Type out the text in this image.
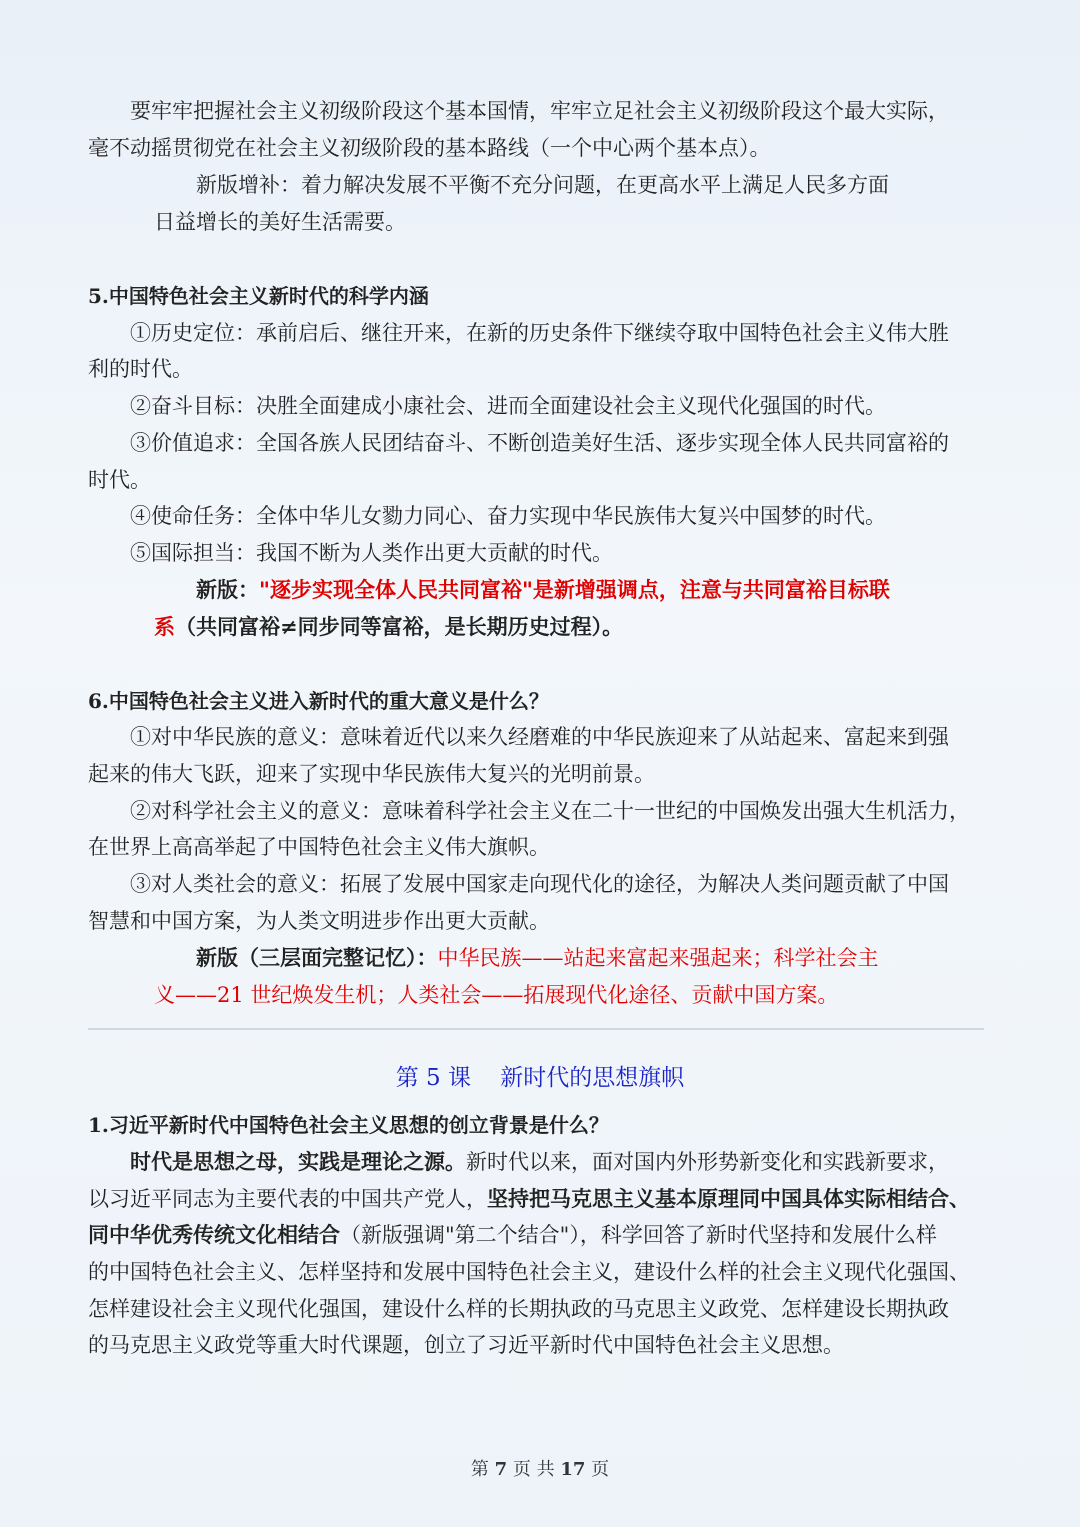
要牢牢把握社会主义初级阶段这个基本国情，牢牢立足社会主义初级阶段这个最大实际，
毫不动摇贯彻党在社会主义初级阶段的基本路线（一个中心两个基本点）。
新版增补：着力解决发展不平衡不充分问题，在更高水平上满足人民多方面
日益增长的美好生活需要。
5.中国特色社会主义新时代的科学内涵
①历史定位：承前启后、继往开来，在新的历史条件下继续夺取中国特色社会主义伟大胜
利的时代。
②奋斗目标：决胜全面建成小康社会、进而全面建设社会主义现代化强国的时代。
③价值追求：全国各族人民团结奋斗、不断创造美好生活、逐步实现全体人民共同富裕的
时代。
④使命任务：全体中华儿女勠力同心、奋力实现中华民族伟大复兴中国梦的时代。
⑤国际担当：我国不断为人类作出更大贡献的时代。
新版："逐步实现全体人民共同富裕"是新增强调点，注意与共同富裕目标联
系（共同富裕≠同步同等富裕，是长期历史过程）。
6.中国特色社会主义进入新时代的重大意义是什么？
①对中华民族的意义：意味着近代以来久经磨难的中华民族迎来了从站起来、富起来到强
起来的伟大飞跃，迎来了实现中华民族伟大复兴的光明前景。
②对科学社会主义的意义：意味着科学社会主义在二十一世纪的中国焕发出强大生机活力，
在世界上高高举起了中国特色社会主义伟大旗帜。
③对人类社会的意义：拓展了发展中国家走向现代化的途径，为解决人类问题贡献了中国
智慧和中国方案，为人类文明进步作出更大贡献。
新版（三层面完整记忆）：中华民族——站起来富起来强起来；科学社会主
义——21 世纪焕发生机；人类社会——拓展现代化途径、贡献中国方案。
第 5 课 新时代的思想旗帜
1.习近平新时代中国特色社会主义思想的创立背景是什么？
时代是思想之母，实践是理论之源。新时代以来，面对国内外形势新变化和实践新要求，
以习近平同志为主要代表的中国共产党人，坚持把马克思主义基本原理同中国具体实际相结合、
同中华优秀传统文化相结合（新版强调"第二个结合"），科学回答了新时代坚持和发展什么样
的中国特色社会主义、怎样坚持和发展中国特色社会主义，建设什么样的社会主义现代化强国、
怎样建设社会主义现代化强国，建设什么样的长期执政的马克思主义政党、怎样建设长期执政
的马克思主义政党等重大时代课题，创立了习近平新时代中国特色社会主义思想。
第 7 页 共 17 页
